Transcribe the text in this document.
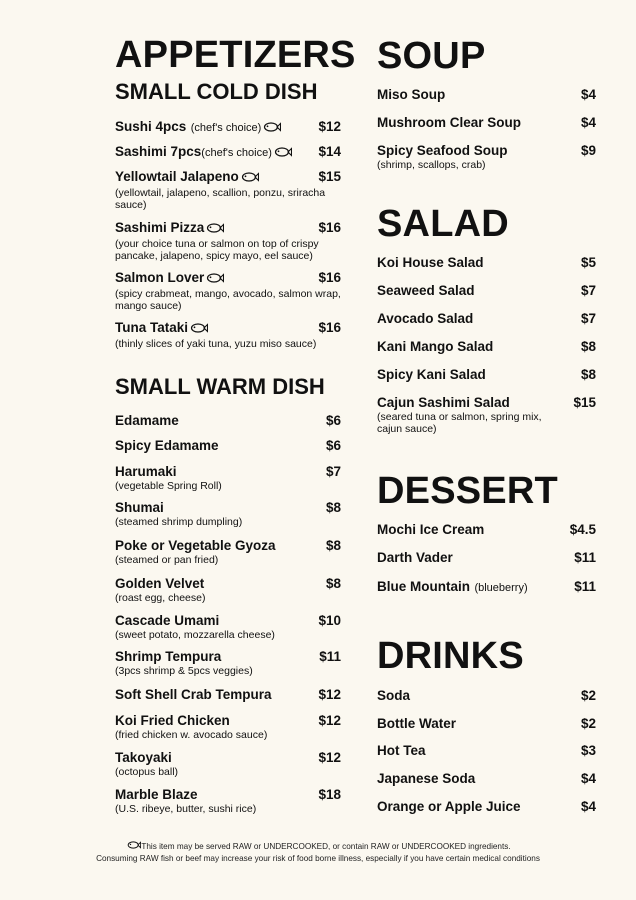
APPETIZERS
SMALL COLD DISH
Sushi 4pcs (chef's choice)	$12
Sashimi 7pcs(chef's choice)	$14
Yellowtail Jalapeno	$15
(yellowtail, jalapeno, scallion, ponzu, sriracha sauce)
Sashimi Pizza	$16
(your choice tuna or salmon on top of crispy pancake, jalapeno, spicy mayo, eel sauce)
Salmon Lover	$16
(spicy crabmeat, mango, avocado, salmon wrap, mango sauce)
Tuna Tataki	$16
(thinly slices of yaki tuna, yuzu miso sauce)
SMALL WARM DISH
Edamame	$6
Spicy Edamame	$6
Harumaki	$7
(vegetable Spring Roll)
Shumai	$8
(steamed shrimp dumpling)
Poke or Vegetable Gyoza	$8
(steamed or pan fried)
Golden Velvet	$8
(roast egg, cheese)
Cascade Umami	$10
(sweet potato, mozzarella cheese)
Shrimp Tempura	$11
(3pcs shrimp & 5pcs veggies)
Soft Shell Crab Tempura	$12
Koi Fried Chicken	$12
(fried chicken w. avocado sauce)
Takoyaki	$12
(octopus ball)
Marble Blaze	$18
(U.S. ribeye, butter, sushi rice)
SOUP
Miso Soup	$4
Mushroom Clear Soup	$4
Spicy Seafood Soup	$9
(shrimp, scallops, crab)
SALAD
Koi House Salad	$5
Seaweed Salad	$7
Avocado Salad	$7
Kani Mango Salad	$8
Spicy Kani Salad	$8
Cajun Sashimi Salad	$15
(seared tuna or salmon, spring mix, cajun sauce)
DESSERT
Mochi Ice Cream	$4.5
Darth Vader	$11
Blue Mountain (blueberry)	$11
DRINKS
Soda	$2
Bottle Water	$2
Hot Tea	$3
Japanese Soda	$4
Orange or Apple Juice	$4
This item may be served RAW or UNDERCOOKED, or contain RAW or UNDERCOOKED ingredients.
Consuming RAW fish or beef may increase your risk of food borne illness, especially if you have certain medical conditions
